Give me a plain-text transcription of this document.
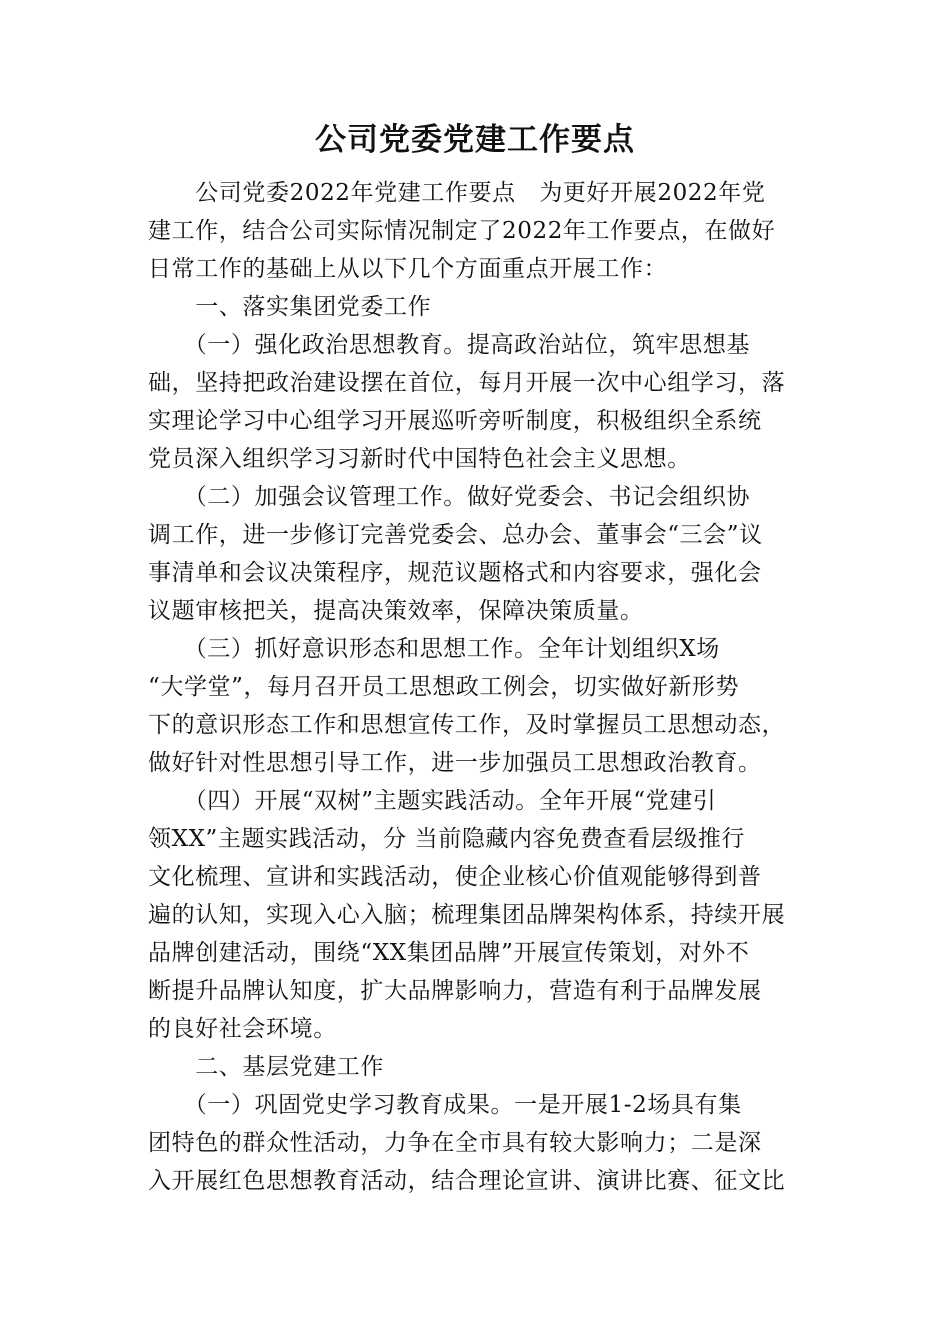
公司党委党建工作要点

　　公司党委2022年党建工作要点　为更好开展2022年党

建工作，结合公司实际情况制定了2022年工作要点，在做好

日常工作的基础上从以下几个方面重点开展工作：

　　一、落实集团党委工作

　　（一）强化政治思想教育。提高政治站位，筑牢思想基

础，坚持把政治建设摆在首位，每月开展一次中心组学习，落

实理论学习中心组学习开展巡听旁听制度，积极组织全系统

党员深入组织学习习新时代中国特色社会主义思想。

　　（二）加强会议管理工作。做好党委会、书记会组织协

调工作，进一步修订完善党委会、总办会、董事会“三会”议

事清单和会议决策程序，规范议题格式和内容要求，强化会

议题审核把关，提高决策效率，保障决策质量。

　　（三）抓好意识形态和思想工作。全年计划组织X场

“大学堂”，每月召开员工思想政工例会，切实做好新形势

下的意识形态工作和思想宣传工作，及时掌握员工思想动态，

做好针对性思想引导工作，进一步加强员工思想政治教育。

　　（四）开展“双树”主题实践活动。全年开展“党建引

领XX”主题实践活动，分 当前隐藏内容免费查看层级推行

文化梳理、宣讲和实践活动，使企业核心价值观能够得到普

遍的认知，实现入心入脑；梳理集团品牌架构体系，持续开展

品牌创建活动，围绕“XX集团品牌”开展宣传策划，对外不

断提升品牌认知度，扩大品牌影响力，营造有利于品牌发展

的良好社会环境。

　　二、基层党建工作

　　（一）巩固党史学习教育成果。一是开展1-2场具有集

团特色的群众性活动，力争在全市具有较大影响力；二是深

入开展红色思想教育活动，结合理论宣讲、演讲比赛、征文比
